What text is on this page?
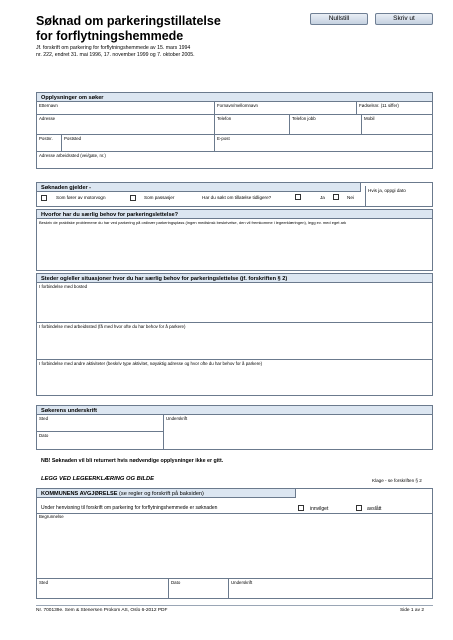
Søknad om parkeringstillatelse
for forflytningshemmede
Jf. forskrift om parkering for forflytningshemmede av 15. mars 1994
nr. 222, endret 31. mai 1996, 17. november 1999 og 7. oktober 2005.
Nullstill	Skriv ut
Opplysninger om søker
Etternavn	Fornavn/mellomnavn	Fødselsnr. (11 siffer)
Adresse	Telefon	Telefon jobb	Mobil
Postnr.	Poststed	E-post
Adresse arbeidssted (vei/gate, nr.)
Søknaden gjelder -	Hvis ja, oppgi dato
Som fører av motorvogn	Som passasjer	Har du søkt om tillatelse tidligere?	Ja	Nei
Hvorfor har du særlig behov for parkeringslettelse?
Beskriv de praktiske problemene du har ved parkering på ordinær parkeringsplass (ingen medisinsk beskrivelse, den vil fremkomme i legeerklæringen), legg ev. med eget ark
Steder og/eller situasjoner hvor du har særlig behov for parkeringslettelse (jf. forskriften § 2)
I forbindelse med bosted
I forbindelse med arbeidssted (få med hvor ofte du har behov for å parkere)
I forbindelse med andre aktiviteter (beskriv type aktivitet, nøyaktig adresse og hvor ofte du har behov for å parkere)
Søkerens underskrift
Sted	Underskrift
Dato
NB! Søknaden vil bli returnert hvis nødvendige opplysninger ikke er gitt.
LEGG VED LEGEERKLÆRING OG BILDE	Klage - se forskriften § 2
KOMMUNENS AVGJØRELSE (se regler og forskrift på baksiden)
Under henvisning til forskrift om parkering for forflytningshemmede er søknaden	innvilget	avslått
Begrunnelse
Sted	Dato	Underskrift
Nr. 700139e. Sem & Stenersen Prokom AS, Oslo 6-2012 PDF	Side 1 av 2
